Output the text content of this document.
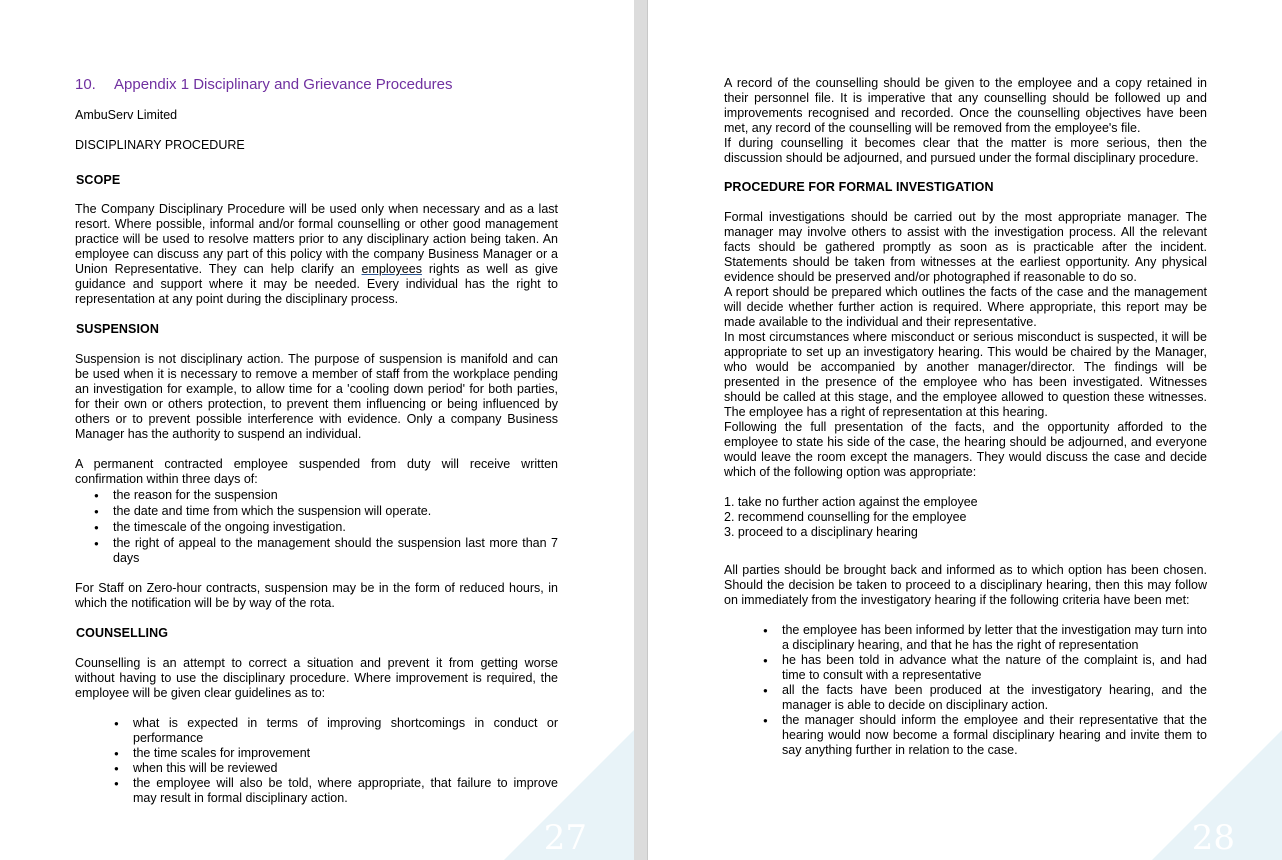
10. Appendix 1 Disciplinary and Grievance Procedures

AmbuServ Limited

DISCIPLINARY PROCEDURE

SCOPE

The Company Disciplinary Procedure will be used only when necessary and as a last resort. Where possible, informal and/or formal counselling or other good management practice will be used to resolve matters prior to any disciplinary action being taken. An employee can discuss any part of this policy with the company Business Manager or a Union Representative. They can help clarify an employees rights as well as give guidance and support where it may be needed. Every individual has the right to representation at any point during the disciplinary process.

SUSPENSION

Suspension is not disciplinary action. The purpose of suspension is manifold and can be used when it is necessary to remove a member of staff from the workplace pending an investigation for example, to allow time for a 'cooling down period' for both parties, for their own or others protection, to prevent them influencing or being influenced by others or to prevent possible interference with evidence. Only a company Business Manager has the authority to suspend an individual.

A permanent contracted employee suspended from duty will receive written confirmation within three days of:

● the reason for the suspension
● the date and time from which the suspension will operate.
● the timescale of the ongoing investigation.
● the right of appeal to the management should the suspension last more than 7 days

For Staff on Zero-hour contracts, suspension may be in the form of reduced hours, in which the notification will be by way of the rota.

COUNSELLING

Counselling is an attempt to correct a situation and prevent it from getting worse without having to use the disciplinary procedure. Where improvement is required, the employee will be given clear guidelines as to:

● what is expected in terms of improving shortcomings in conduct or performance
● the time scales for improvement
● when this will be reviewed
● the employee will also be told, where appropriate, that failure to improve may result in formal disciplinary action.
27

A record of the counselling should be given to the employee and a copy retained in their personnel file. It is imperative that any counselling should be followed up and improvements recognised and recorded. Once the counselling objectives have been met, any record of the counselling will be removed from the employee's file.

If during counselling it becomes clear that the matter is more serious, then the discussion should be adjourned, and pursued under the formal disciplinary procedure.

PROCEDURE FOR FORMAL INVESTIGATION

Formal investigations should be carried out by the most appropriate manager. The manager may involve others to assist with the investigation process. All the relevant facts should be gathered promptly as soon as is practicable after the incident. Statements should be taken from witnesses at the earliest opportunity. Any physical evidence should be preserved and/or photographed if reasonable to do so.

A report should be prepared which outlines the facts of the case and the management will decide whether further action is required. Where appropriate, this report may be made available to the individual and their representative.

In most circumstances where misconduct or serious misconduct is suspected, it will be appropriate to set up an investigatory hearing. This would be chaired by the Manager, who would be accompanied by another manager/director. The findings will be presented in the presence of the employee who has been investigated. Witnesses should be called at this stage, and the employee allowed to question these witnesses. The employee has a right of representation at this hearing.

Following the full presentation of the facts, and the opportunity afforded to the employee to state his side of the case, the hearing should be adjourned, and everyone would leave the room except the managers. They would discuss the case and decide which of the following option was appropriate:

1. take no further action against the employee
2. recommend counselling for the employee
3. proceed to a disciplinary hearing

All parties should be brought back and informed as to which option has been chosen. Should the decision be taken to proceed to a disciplinary hearing, then this may follow on immediately from the investigatory hearing if the following criteria have been met:

● the employee has been informed by letter that the investigation may turn into a disciplinary hearing, and that he has the right of representation
● he has been told in advance what the nature of the complaint is, and had time to consult with a representative
● all the facts have been produced at the investigatory hearing, and the manager is able to decide on disciplinary action.
● the manager should inform the employee and their representative that the hearing would now become a formal disciplinary hearing and invite them to say anything further in relation to the case.
28
